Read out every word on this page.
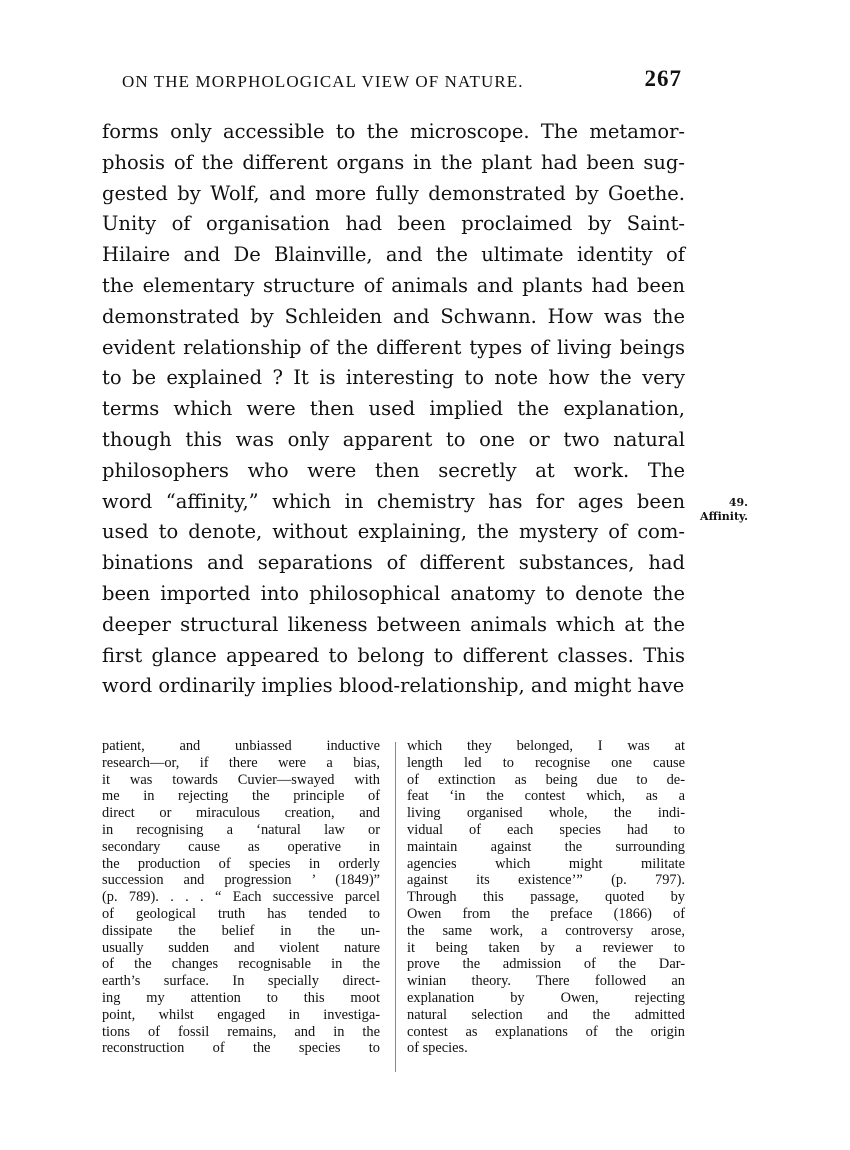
ON THE MORPHOLOGICAL VIEW OF NATURE.	267
forms only accessible to the microscope. The metamor-
phosis of the different organs in the plant had been sug-
gested by Wolf, and more fully demonstrated by Goethe.
Unity of organisation had been proclaimed by Saint-
Hilaire and De Blainville, and the ultimate identity of
the elementary structure of animals and plants had been
demonstrated by Schleiden and Schwann. How was the
evident relationship of the different types of living beings
to be explained ? It is interesting to note how the very
terms which were then used implied the explanation,
though this was only apparent to one or two natural
philosophers who were then secretly at work. The
word “affinity,” which in chemistry has for ages been
used to denote, without explaining, the mystery of com-
binations and separations of different substances, had
been imported into philosophical anatomy to denote the
deeper structural likeness between animals which at the
first glance appeared to belong to different classes. This
word ordinarily implies blood-relationship, and might have
49.
Affinity.
patient, and unbiassed inductive
research—or, if there were a bias,
it was towards Cuvier—swayed with
me in rejecting the principle of
direct or miraculous creation, and
in recognising a ‘natural law or
secondary cause as operative in
the production of species in orderly
succession and progression ’ (1849)”
(p. 789). . . . “ Each successive parcel
of geological truth has tended to
dissipate the belief in the un-
usually sudden and violent nature
of the changes recognisable in the
earth’s surface. In specially direct-
ing my attention to this moot
point, whilst engaged in investiga-
tions of fossil remains, and in the
reconstruction of the species to
which they belonged, I was at
length led to recognise one cause
of extinction as being due to de-
feat ‘in the contest which, as a
living organised whole, the indi-
vidual of each species had to
maintain against the surrounding
agencies which might militate
against its existence’” (p. 797).
Through this passage, quoted by
Owen from the preface (1866) of
the same work, a controversy arose,
it being taken by a reviewer to
prove the admission of the Dar-
winian theory. There followed an
explanation by Owen, rejecting
natural selection and the admitted
contest as explanations of the origin
of species.
